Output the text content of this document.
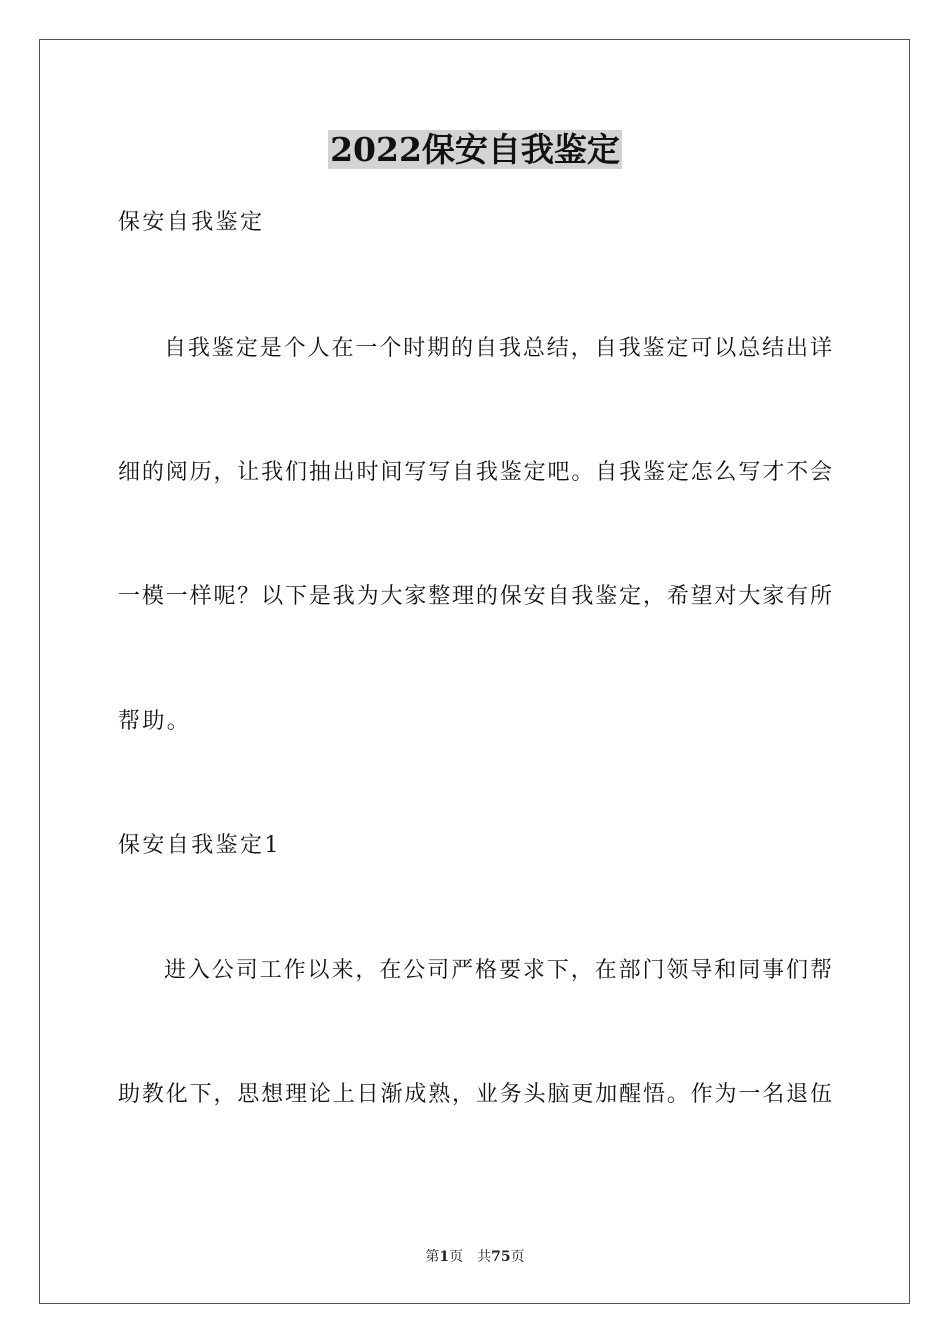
2022保安自我鉴定

保安自我鉴定

自我鉴定是个人在一个时期的自我总结，自我鉴定可以总结出详

细的阅历，让我们抽出时间写写自我鉴定吧。自我鉴定怎么写才不会

一模一样呢？以下是我为大家整理的保安自我鉴定，希望对大家有所

帮助。

保安自我鉴定1

进入公司工作以来，在公司严格要求下，在部门领导和同事们帮

助教化下，思想理论上日渐成熟，业务头脑更加醒悟。作为一名退伍

第1页 共75页
